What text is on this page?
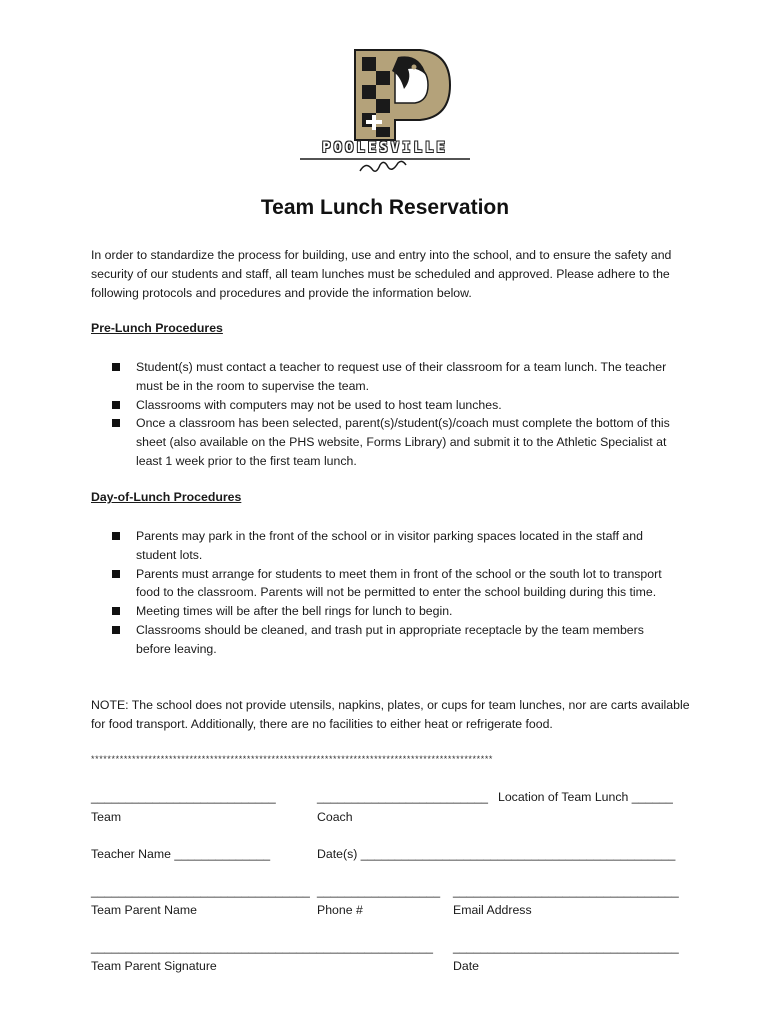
POOLESVILLE
Team Lunch Reservation
In order to standardize the process for building, use and entry into the school, and to ensure the safety and security of our students and staff, all team lunches must be scheduled and approved. Please adhere to the following protocols and procedures and provide the information below.
Pre-Lunch Procedures
Student(s) must contact a teacher to request use of their classroom for a team lunch. The teacher must be in the room to supervise the team.
Classrooms with computers may not be used to host team lunches.
Once a classroom has been selected, parent(s)/student(s)/coach must complete the bottom of this sheet (also available on the PHS website, Forms Library) and submit it to the Athletic Specialist at least 1 week prior to the first team lunch.
Day-of-Lunch Procedures
Parents may park in the front of the school or in visitor parking spaces located in the staff and student lots.
Parents must arrange for students to meet them in front of the school or the south lot to transport food to the classroom. Parents will not be permitted to enter the school building during this time.
Meeting times will be after the bell rings for lunch to begin.
Classrooms should be cleaned, and trash put in appropriate receptacle by the team members before leaving.
NOTE: The school does not provide utensils, napkins, plates, or cups for team lunches, nor are carts available for food transport. Additionally, there are no facilities to either heat or refrigerate food.
**************************************************************************************************
___________________________
Team
_________________________
Coach
Location of Team Lunch ______
Teacher Name ______________	Date(s) ______________________________________________
________________________________
Team Parent Name
__________________
Phone #
_________________________________
Email Address
__________________________________________________
Team Parent Signature
_________________________________
Date
